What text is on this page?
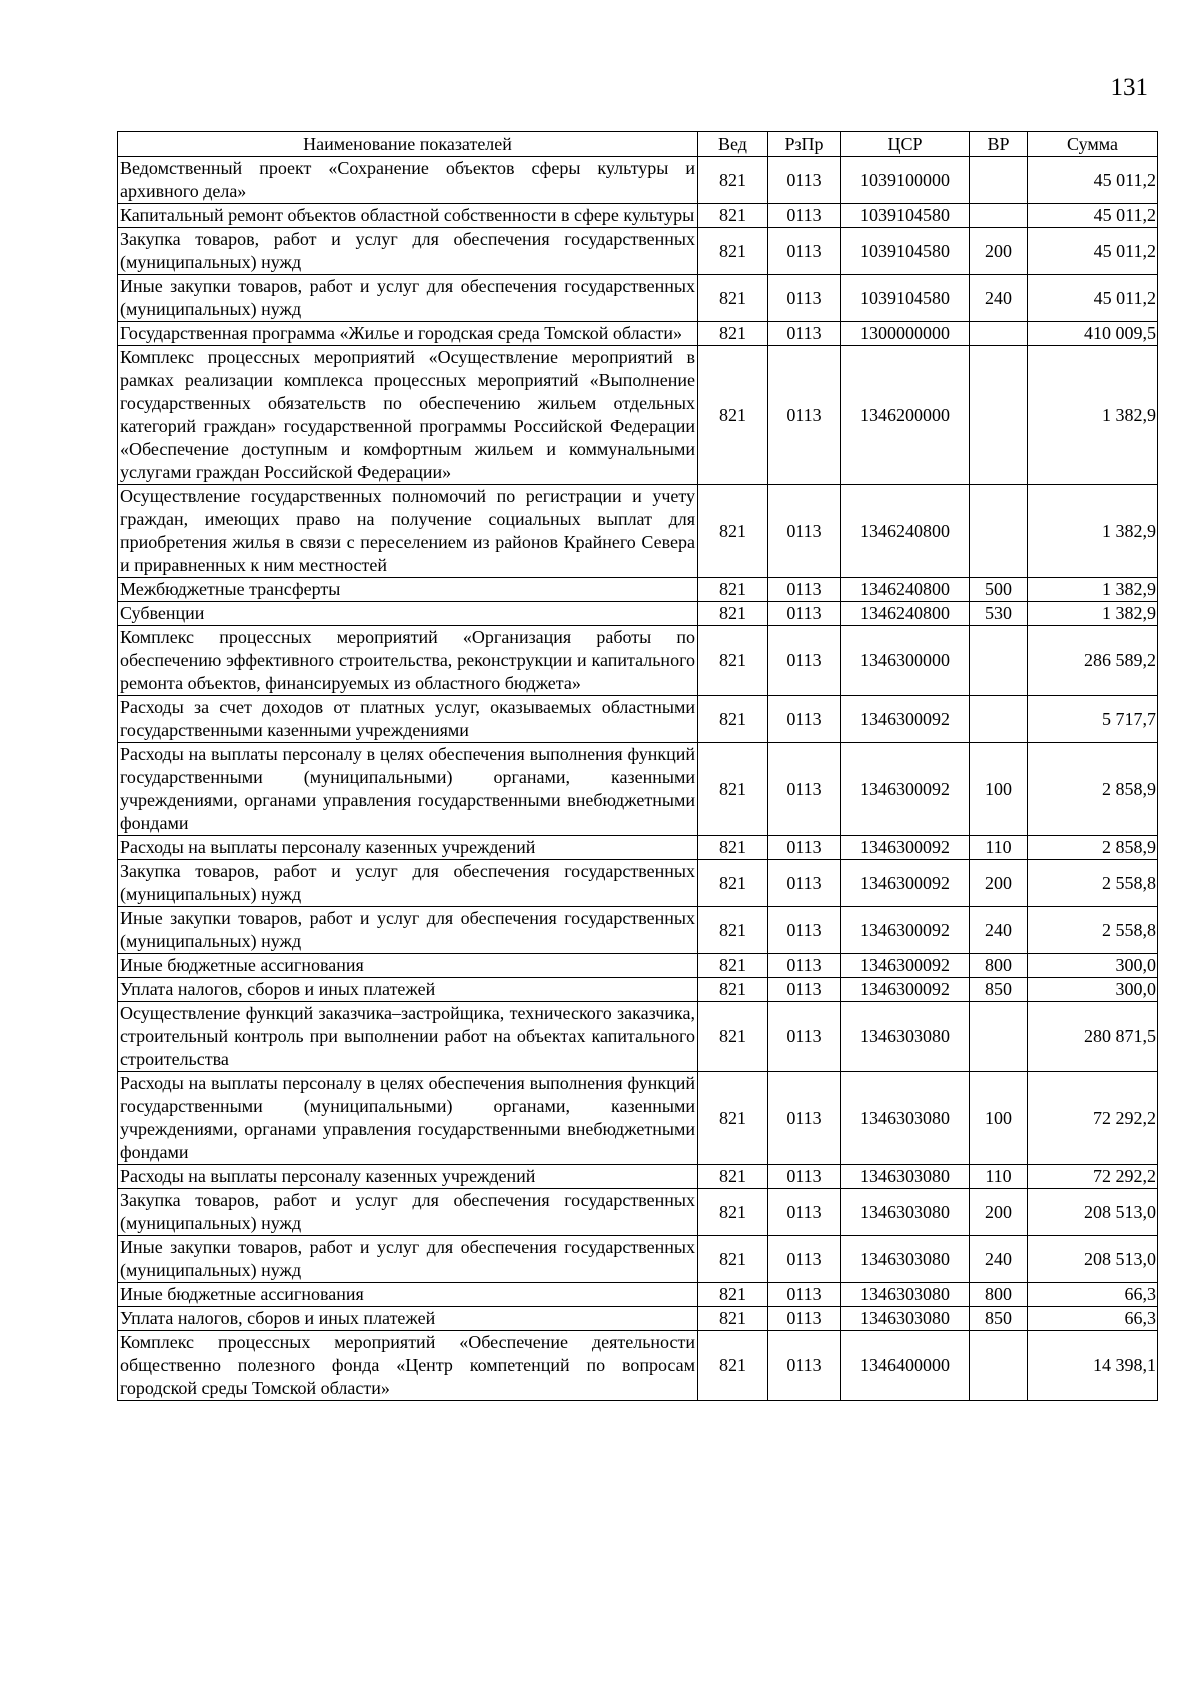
131
Наименование показателей	Вед	РзПр	ЦСР	ВР	Сумма
Ведомственный проект «Сохранение объектов сферы культуры и архивного дела»	821	0113	1039100000		45 011,2
Капитальный ремонт объектов областной собственности в сфере культуры	821	0113	1039104580		45 011,2
Закупка товаров, работ и услуг для обеспечения государственных (муниципальных) нужд	821	0113	1039104580	200	45 011,2
Иные закупки товаров, работ и услуг для обеспечения государственных (муниципальных) нужд	821	0113	1039104580	240	45 011,2
Государственная программа «Жилье и городская среда Томской области»	821	0113	1300000000		410 009,5
Комплекс процессных мероприятий «Осуществление мероприятий в рамках реализации комплекса процессных мероприятий «Выполнение государственных обязательств по обеспечению жильем отдельных категорий граждан» государственной программы Российской Федерации «Обеспечение доступным и комфортным жильем и коммунальными услугами граждан Российской Федерации»	821	0113	1346200000		1 382,9
Осуществление государственных полномочий по регистрации и учету граждан, имеющих право на получение социальных выплат для приобретения жилья в связи с переселением из районов Крайнего Севера и приравненных к ним местностей	821	0113	1346240800		1 382,9
Межбюджетные трансферты	821	0113	1346240800	500	1 382,9
Субвенции	821	0113	1346240800	530	1 382,9
Комплекс процессных мероприятий «Организация работы по обеспечению эффективного строительства, реконструкции и капитального ремонта объектов, финансируемых из областного бюджета»	821	0113	1346300000		286 589,2
Расходы за счет доходов от платных услуг, оказываемых областными государственными казенными учреждениями	821	0113	1346300092		5 717,7
Расходы на выплаты персоналу в целях обеспечения выполнения функций государственными (муниципальными) органами, казенными учреждениями, органами управления государственными внебюджетными фондами	821	0113	1346300092	100	2 858,9
Расходы на выплаты персоналу казенных учреждений	821	0113	1346300092	110	2 858,9
Закупка товаров, работ и услуг для обеспечения государственных (муниципальных) нужд	821	0113	1346300092	200	2 558,8
Иные закупки товаров, работ и услуг для обеспечения государственных (муниципальных) нужд	821	0113	1346300092	240	2 558,8
Иные бюджетные ассигнования	821	0113	1346300092	800	300,0
Уплата налогов, сборов и иных платежей	821	0113	1346300092	850	300,0
Осуществление функций заказчика–застройщика, технического заказчика, строительный контроль при выполнении работ на объектах капитального строительства	821	0113	1346303080		280 871,5
Расходы на выплаты персоналу в целях обеспечения выполнения функций государственными (муниципальными) органами, казенными учреждениями, органами управления государственными внебюджетными фондами	821	0113	1346303080	100	72 292,2
Расходы на выплаты персоналу казенных учреждений	821	0113	1346303080	110	72 292,2
Закупка товаров, работ и услуг для обеспечения государственных (муниципальных) нужд	821	0113	1346303080	200	208 513,0
Иные закупки товаров, работ и услуг для обеспечения государственных (муниципальных) нужд	821	0113	1346303080	240	208 513,0
Иные бюджетные ассигнования	821	0113	1346303080	800	66,3
Уплата налогов, сборов и иных платежей	821	0113	1346303080	850	66,3
Комплекс процессных мероприятий «Обеспечение деятельности общественно полезного фонда «Центр компетенций по вопросам городской среды Томской области»	821	0113	1346400000		14 398,1
